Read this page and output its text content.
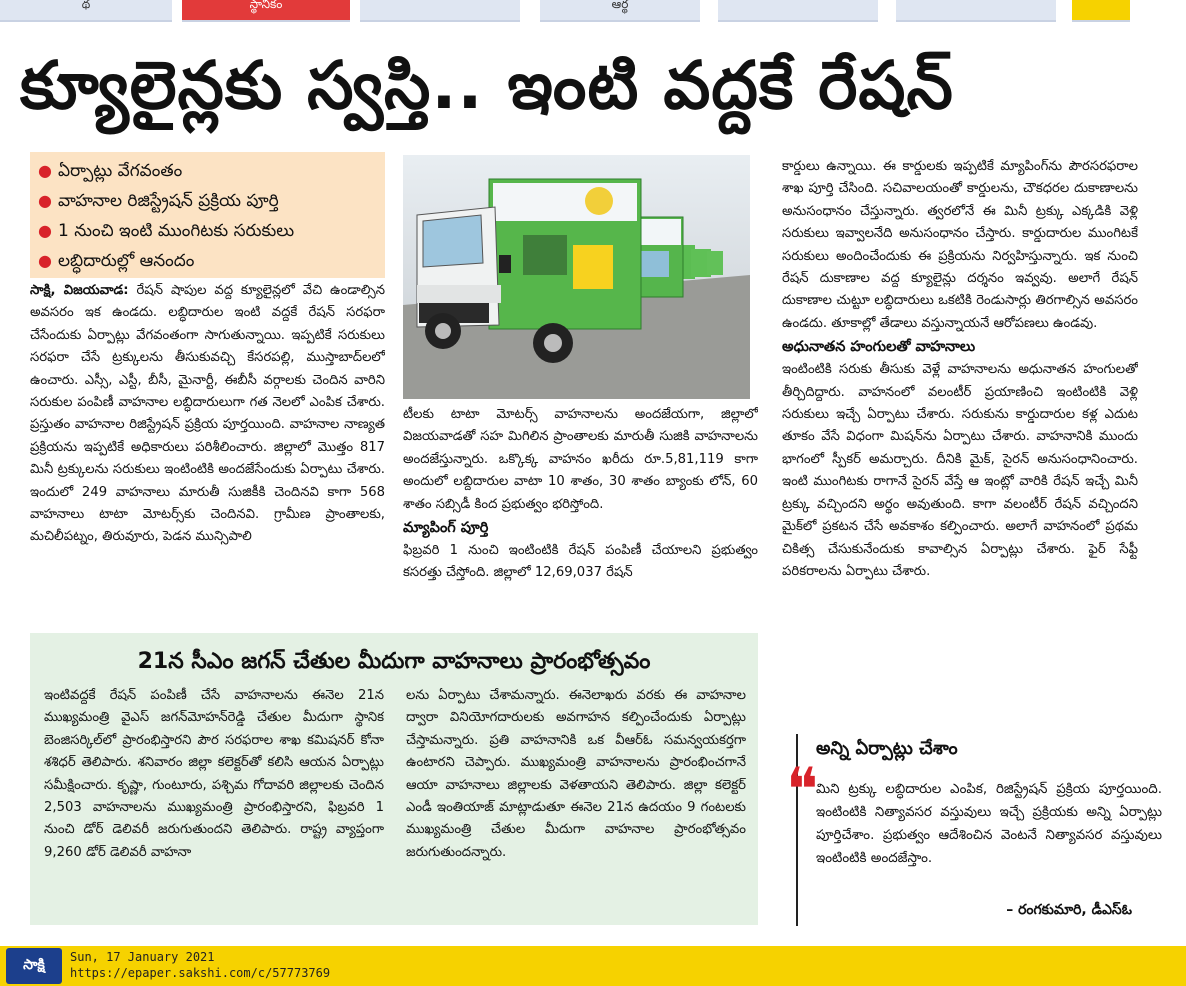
థ	స్థానికం	ఆర్థ
క్యూలైన్లకు స్వస్తి.. ఇంటి వద్దకే రేషన్
● ఏర్పాట్లు వేగవంతం
● వాహనాల రిజిస్ట్రేషన్ ప్రక్రియ పూర్తి
● 1 నుంచి ఇంటి ముంగిటకు సరుకులు
● లబ్ధిదారుల్లో ఆనందం

సాక్షి, విజయవాడ: రేషన్ షాపుల వద్ద క్యూలైన్లలో వేచి ఉండాల్సిన అవసరం ఇక ఉండదు. లబ్ధిదారుల ఇంటి వద్దకే రేషన్ సరఫరా చేసేందుకు ఏర్పాట్లు వేగవంతంగా సాగుతున్నాయి. ఇప్పటికే సరుకులు సరఫరా చేసే ట్రక్కులను తీసుకువచ్చి కేసరపల్లి, ముస్తాబాద్‌లలో ఉంచారు. ఎస్సీ, ఎస్టీ, బీసీ, మైనార్టీ, ఈబీసీ వర్గాలకు చెందిన వారిని సరుకుల పంపిణీ వాహనాల లబ్ధిదారులుగా గత నెలలో ఎంపిక చేశారు. ప్రస్తుతం వాహనాల రిజిస్ట్రేషన్ ప్రక్రియ పూర్తయింది. వాహనాల నాణ్యత ప్రక్రియను ఇప్పటికే అధికారులు పరిశీలించారు. జిల్లాలో మొత్తం 817 మినీ ట్రక్కులను సరుకులు ఇంటింటికి అందజేసేందుకు ఏర్పాటు చేశారు. ఇందులో 249 వాహనాలు మారుతీ సుజికీకి చెందినవి కాగా 568 వాహనాలు టాటా మోటర్స్‌కు చెందినవి. గ్రామీణ ప్రాంతాలకు, మచిలీపట్నం, తిరువూరు, పెడన మున్సిపాలి

టీలకు టాటా మోటర్స్ వాహనాలను అందజేయగా, జిల్లాలో విజయవాడతో సహ మిగిలిన ప్రాంతాలకు మారుతీ సుజికి వాహనాలను అందజేస్తున్నారు. ఒక్కొక్క వాహనం ఖరీదు రూ.5,81,119 కాగా అందులో లబ్దిదారుల వాటా 10 శాతం, 30 శాతం బ్యాంకు లోన్, 60 శాతం సబ్సిడీ కింద ప్రభుత్వం భరిస్తోంది.

మ్యాపింగ్ పూర్తి

ఫిబ్రవరి 1 నుంచి ఇంటింటికి రేషన్ పంపిణీ చేయాలని ప్రభుత్వం కసరత్తు చేస్తోంది. జిల్లాలో 12,69,037 రేషన్

కార్డులు ఉన్నాయి. ఈ కార్డులకు ఇప్పటికే మ్యాపింగ్‌ను పౌరసరఫరాల శాఖ పూర్తి చేసింది. సచివాలయంతో కార్డులను, చౌకధరల దుకాణాలను అనుసంధానం చేస్తున్నారు. త్వరలోనే ఈ మినీ ట్రక్కు ఎక్కడికి వెళ్లి సరుకులు ఇవ్వాలనేది అనుసంధానం చేస్తారు. కార్డుదారుల ముంగిటకే సరుకులు అందించేందుకు ఈ ప్రక్రియను నిర్వహిస్తున్నారు. ఇక నుంచి రేషన్ దుకాణాల వద్ద క్యూలైన్లు దర్శనం ఇవ్వవు. అలాగే రేషన్ దుకాణాల చుట్టూ లబ్ధిదారులు ఒకటికి రెండుసార్లు తిరగాల్సిన అవసరం ఉండదు. తూకాల్లో తేడాలు వస్తున్నాయనే ఆరోపణలు ఉండవు.

అధునాతన హంగులతో వాహనాలు

ఇంటింటికి సరుకు తీసుకు వెళ్లే వాహనాలను అధునాతన హంగులతో తీర్చిదిద్దారు. వాహనంలో వలంటీర్ ప్రయాణించి ఇంటింటికి వెళ్లి సరుకులు ఇచ్చే ఏర్పాటు చేశారు. సరుకును కార్డుదారుల కళ్ల ఎదుట తూకం వేసే విధంగా మిషన్‌ను ఏర్పాటు చేశారు. వాహనానికి ముందు భాగంలో స్పీకర్ అమర్చారు. దీనికి మైక్, సైరన్ అనుసంధానించారు. ఇంటి ముంగిటకు రాగానే సైరన్ వేస్తే ఆ ఇంట్లో వారికి రేషన్ ఇచ్చే మినీ ట్రక్కు వచ్చిందని అర్థం అవుతుంది. కాగా వలంటీర్ రేషన్ వచ్చిందని మైక్‌లో ప్రకటన చేసే అవకాశం కల్పించారు. అలాగే వాహనంలో ప్రథమ చికిత్స చేసుకునేందుకు కావాల్సిన ఏర్పాట్లు చేశారు. ఫైర్ సేఫ్టీ పరికరాలను ఏర్పాటు చేశారు.

21న సీఎం జగన్ చేతుల మీదుగా వాహనాలు ప్రారంభోత్సవం

ఇంటివద్దకే రేషన్ పంపిణీ చేసే వాహనాలను ఈనెల 21న ముఖ్యమంత్రి వైఎస్ జగన్‌మోహన్‌రెడ్డి చేతుల మీదుగా స్థానిక బెంజిసర్కిల్‌లో ప్రారంభిస్తారని పౌర సరఫరాల శాఖ కమిషనర్ కోనా శశిధర్ తెలిపారు. శనివారం జిల్లా కలెక్టర్‌తో కలిసి ఆయన ఏర్పాట్లు సమీక్షించారు. కృష్ణా, గుంటూరు, పశ్చిమ గోదావరి జిల్లాలకు చెందిన 2,503 వాహనాలను ముఖ్యమంత్రి ప్రారంభిస్తారని, ఫిబ్రవరి 1 నుంచి డోర్ డెలివరీ జరుగుతుందని తెలిపారు. రాష్ట్ర వ్యాప్తంగా 9,260 డోర్ డెలివరీ వాహనా

లను ఏర్పాటు చేశామన్నారు. ఈనెలాఖరు వరకు ఈ వాహనాల ద్వారా వినియోగదారులకు అవగాహన కల్పించేందుకు ఏర్పాట్లు చేస్తామన్నారు. ప్రతి వాహనానికి ఒక వీఆర్‌ఓ సమన్వయకర్తగా ఉంటారని చెప్పారు. ముఖ్యమంత్రి వాహనాలను ప్రారంభించగానే ఆయా వాహనాలు జిల్లాలకు వెళతాయని తెలిపారు. జిల్లా కలెక్టర్ ఎండీ ఇంతియాజ్ మాట్లాడుతూ ఈనెల 21న ఉదయం 9 గంటలకు ముఖ్యమంత్రి చేతుల మీదుగా వాహనాల ప్రారంభోత్సవం జరుగుతుందన్నారు.

అన్ని ఏర్పాట్లు చేశాం
❝
మిని ట్రక్కు లబ్ధిదారుల ఎంపిక, రిజిస్ట్రేషన్ ప్రక్రియ పూర్తయింది. ఇంటింటికి నిత్యావసర వస్తువులు ఇచ్చే ప్రక్రియకు అన్ని ఏర్పాట్లు పూర్తిచేశాం. ప్రభుత్వం ఆదేశించిన వెంటనే నిత్యావసర వస్తువులు ఇంటింటికి అందజేస్తాం.
– రంగకుమారి, డీఎస్ఓ
సాక్షి	Sun, 17 January 2021
https://epaper.sakshi.com/c/57773769
